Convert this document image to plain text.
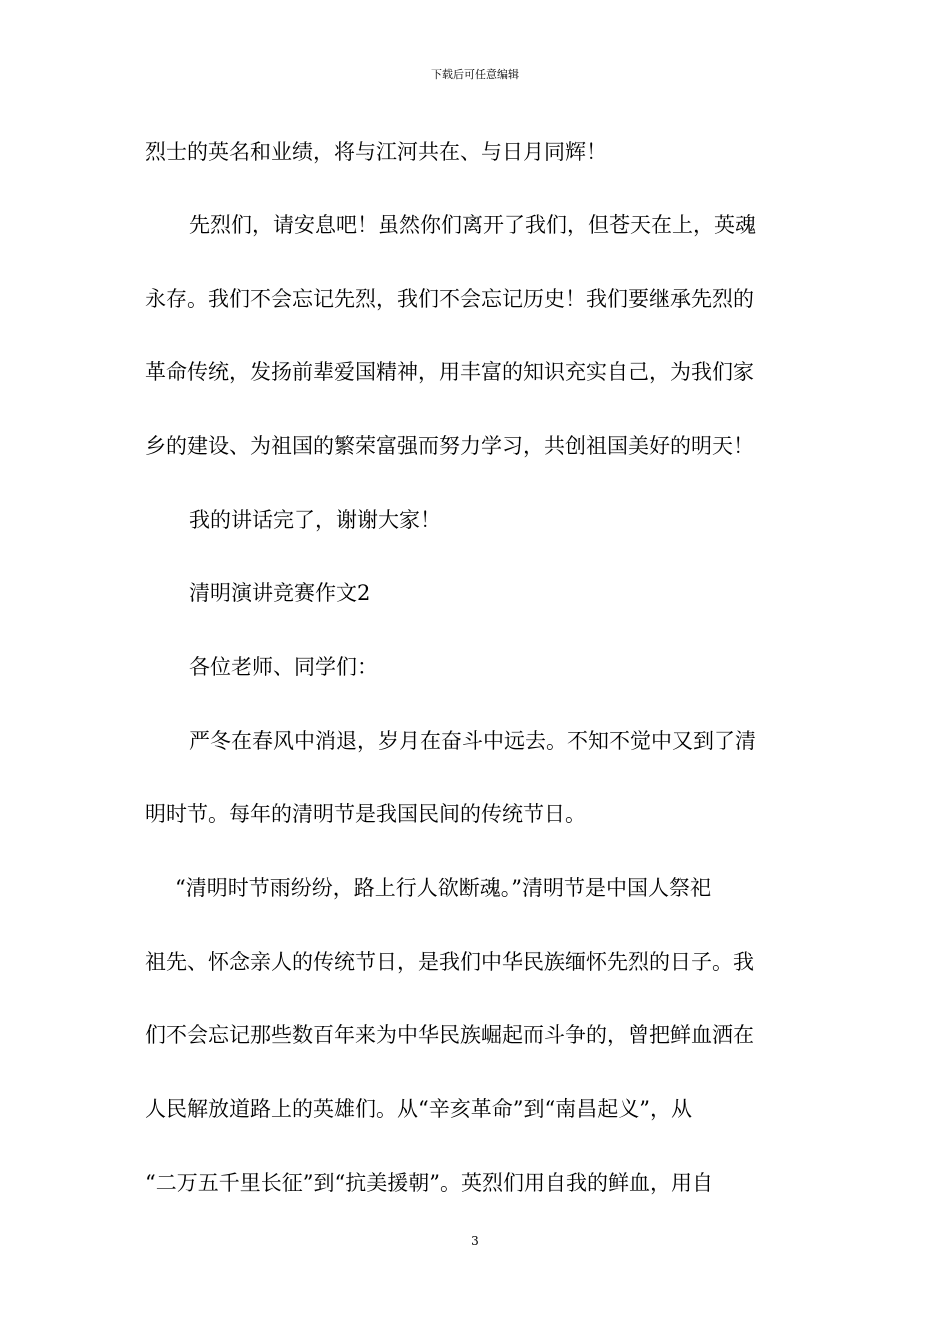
下载后可任意编辑
烈士的英名和业绩，将与江河共在、与日月同辉！
先烈们，请安息吧！虽然你们离开了我们，但苍天在上，英魂
永存。我们不会忘记先烈，我们不会忘记历史！我们要继承先烈的
革命传统，发扬前辈爱国精神，用丰富的知识充实自己，为我们家
乡的建设、为祖国的繁荣富强而努力学习，共创祖国美好的明天！
我的讲话完了，谢谢大家！
清明演讲竞赛作文2
各位老师、同学们：
严冬在春风中消退，岁月在奋斗中远去。不知不觉中又到了清
明时节。每年的清明节是我国民间的传统节日。
“清明时节雨纷纷，路上行人欲断魂。”清明节是中国人祭祀
祖先、怀念亲人的传统节日，是我们中华民族缅怀先烈的日子。我
们不会忘记那些数百年来为中华民族崛起而斗争的，曾把鲜血洒在
人民解放道路上的英雄们。从“辛亥革命”到“南昌起义”，从
“二万五千里长征”到“抗美援朝”。英烈们用自我的鲜血，用自
3
